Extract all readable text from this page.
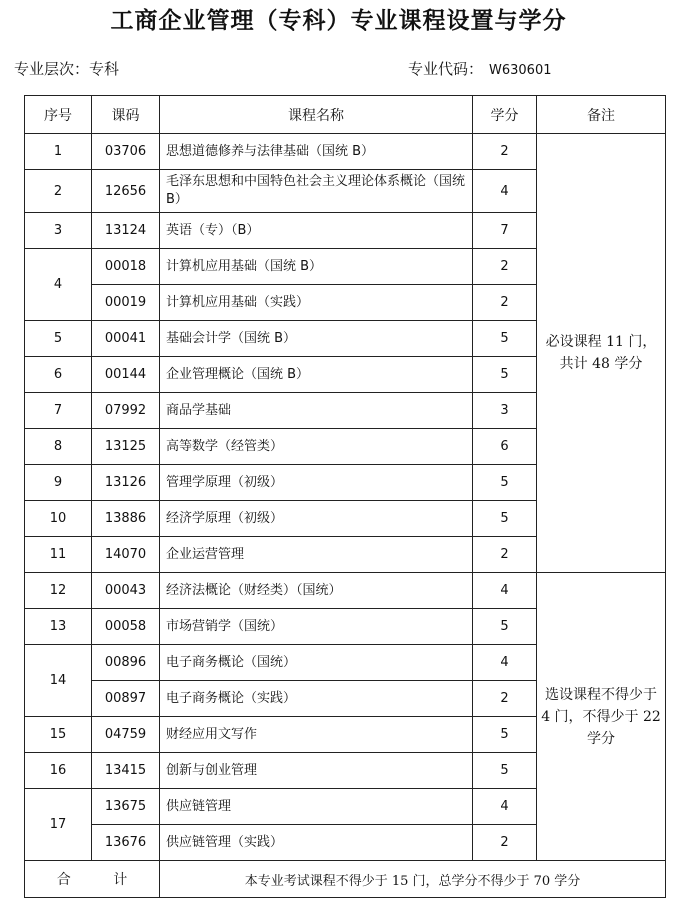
工商企业管理（专科）专业课程设置与学分
专业层次：专科	专业代码： W630601
序号	课码	课程名称	学分	备注
1	03706	思想道德修养与法律基础（国统 B）	2	必设课程 11 门，共计 48 学分
2	12656	毛泽东思想和中国特色社会主义理论体系概论（国统 B）	4	
3	13124	英语（专）（B）	7	
4	00018	计算机应用基础（国统 B）	2	
	00019	计算机应用基础（实践）	2	
5	00041	基础会计学（国统 B）	5	
6	00144	企业管理概论（国统 B）	5	
7	07992	商品学基础	3	
8	13125	高等数学（经管类）	6	
9	13126	管理学原理（初级）	5	
10	13886	经济学原理（初级）	5	
11	14070	企业运营管理	2	
12	00043	经济法概论（财经类）（国统）	4	选设课程不得少于 4 门，不得少于 22 学分
13	00058	市场营销学（国统）	5	
14	00896	电子商务概论（国统）	4	
	00897	电子商务概论（实践）	2	
15	04759	财经应用文写作	5	
16	13415	创新与创业管理	5	
17	13675	供应链管理	4	
	13676	供应链管理（实践）	2	
合 计		本专业考试课程不得少于 15 门，总学分不得少于 70 学分		
